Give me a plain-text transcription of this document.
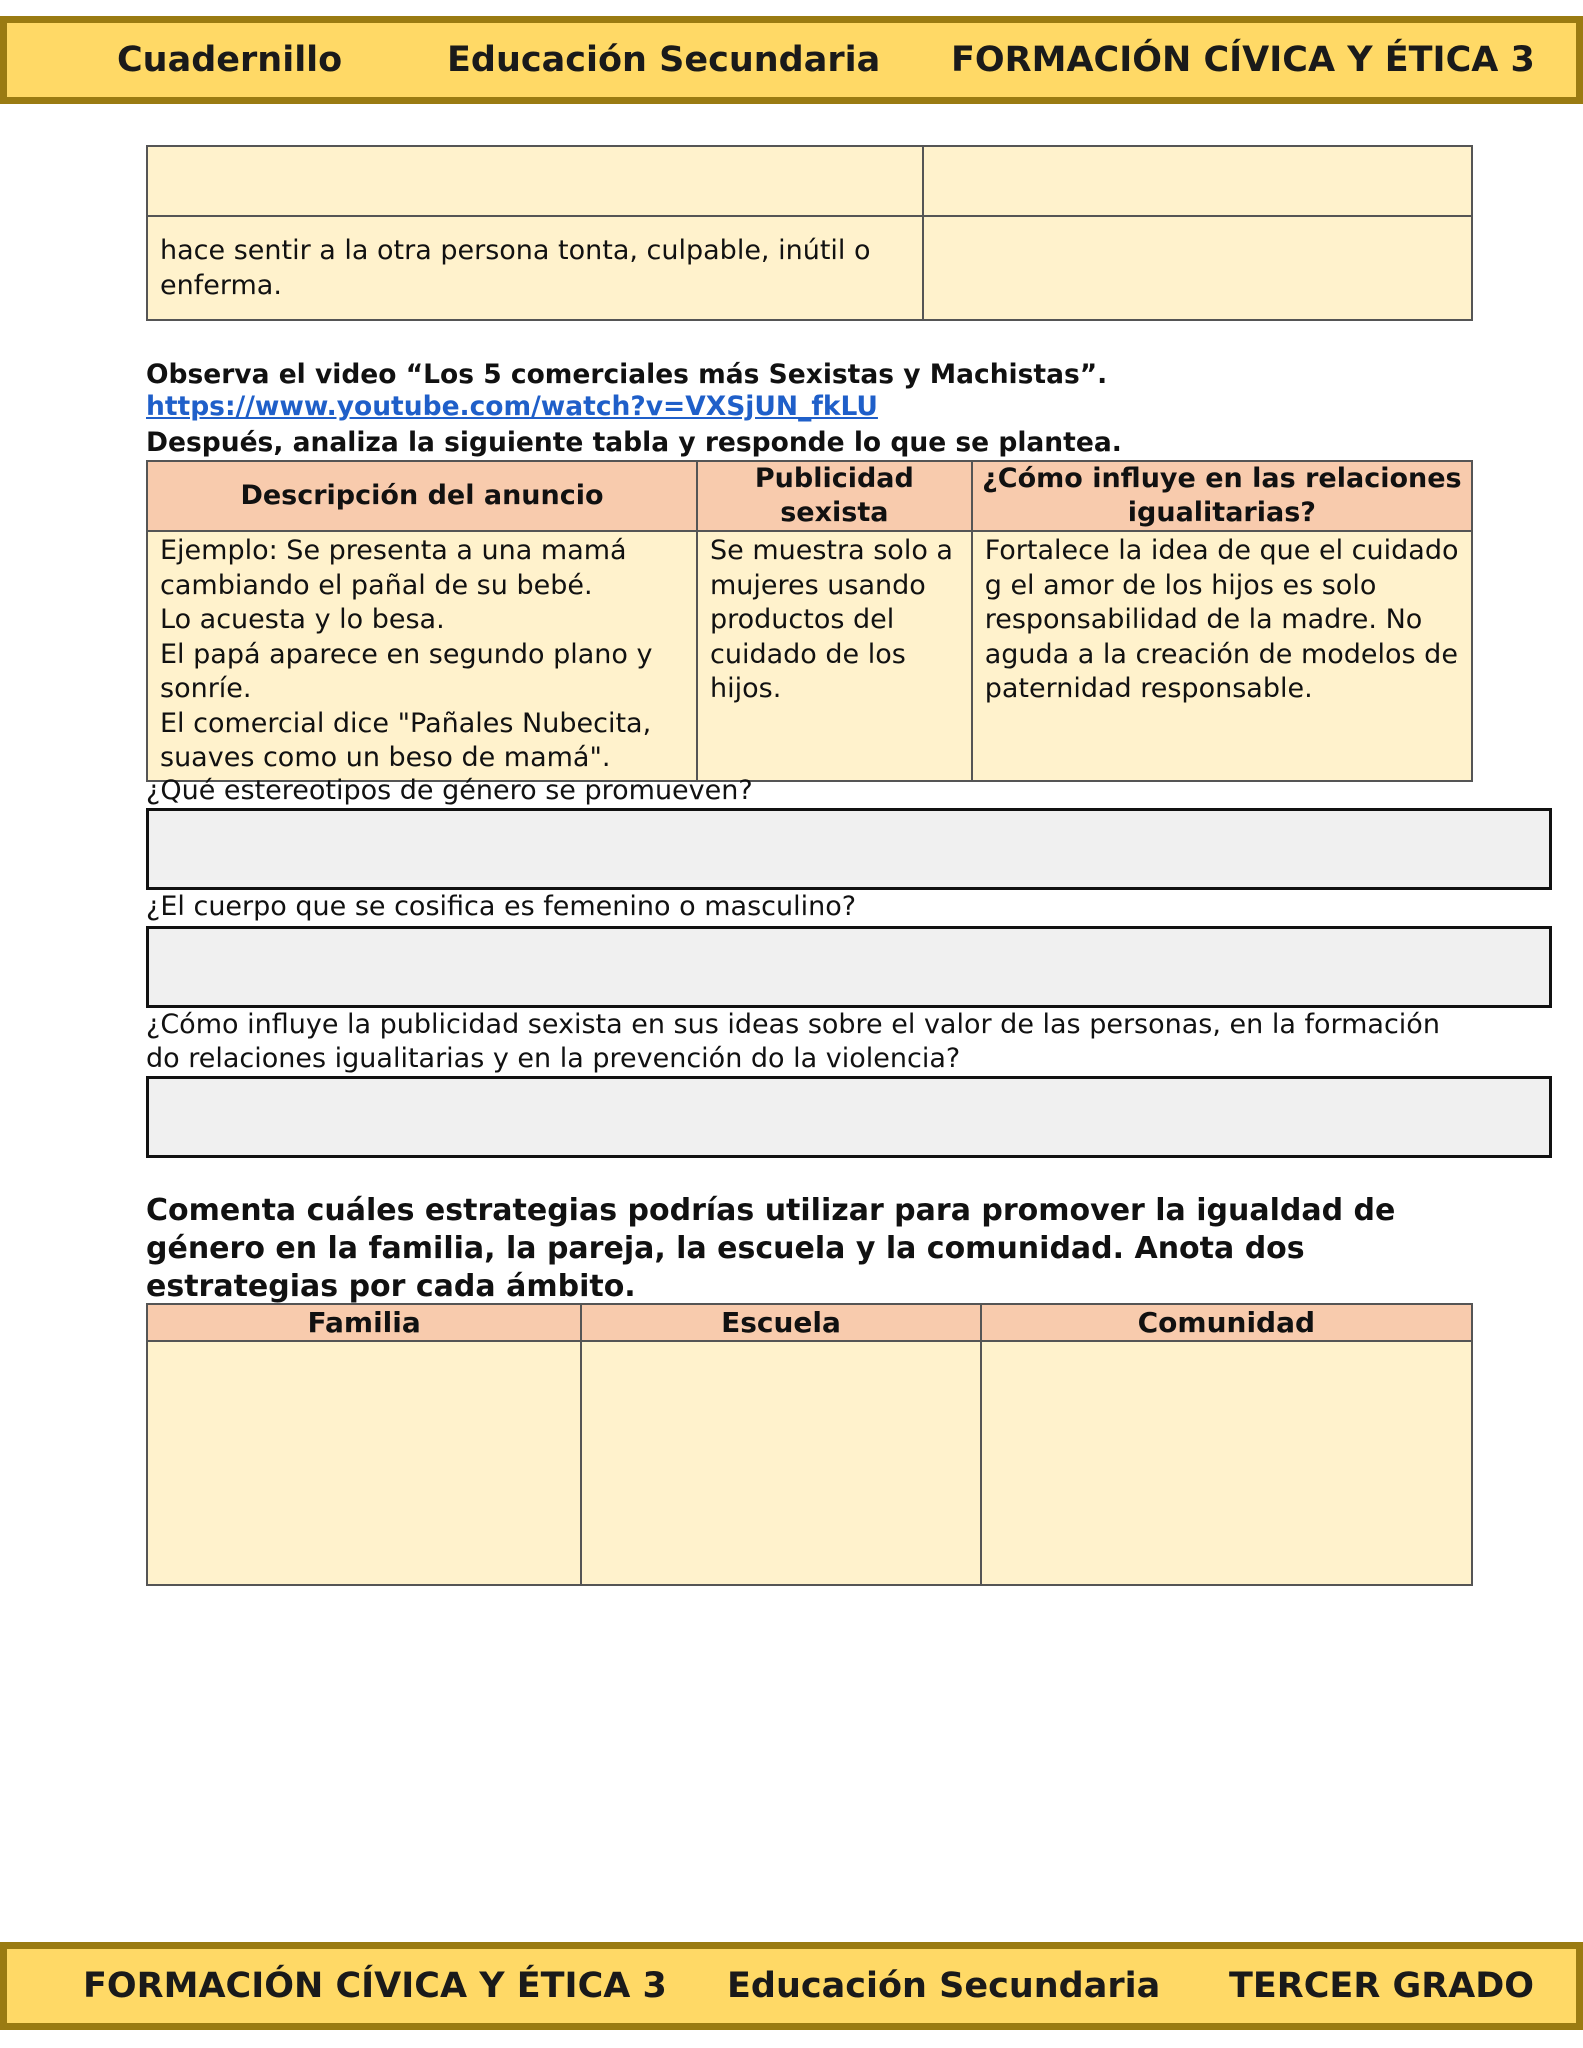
Cuadernillo	Educación Secundaria FORMACIÓN CÍVICA Y ÉTICA 3

hace sentir a la otra persona tonta, culpable, inútil o enferma.	
Observa el video “Los 5 comerciales más Sexistas y Machistas”.
https://www.youtube.com/watch?v=VXSjUN_fkLU
Después, analiza la siguiente tabla y responde lo que se plantea.
Descripción del anuncio	Publicidad sexista	¿Cómo influye en las relaciones igualitarias?

Ejemplo: Se presenta a una mamá cambiando el pañal de su bebé.
Lo acuesta y lo besa.
El papá aparece en segundo plano y sonríe.
El comercial dice "Pañales Nubecita, suaves como un beso de mamá".	Se muestra solo a mujeres usando productos del cuidado de los hijos.	Fortalece la idea de que el cuidado g el amor de los hijos es solo responsabilidad de la madre. No aguda a la creación de modelos de paternidad responsable.
¿Qué estereotipos de género se promueven?
¿El cuerpo que se cosifica es femenino o masculino?
¿Cómo influye la publicidad sexista en sus ideas sobre el valor de las personas, en la formación do relaciones igualitarias y en la prevención do la violencia?
Comenta cuáles estrategias podrías utilizar para promover la igualdad de género en la familia, la pareja, la escuela y la comunidad. Anota dos estrategias por cada ámbito.
Familia	Escuela	Comunidad

FORMACIÓN CÍVICA Y ÉTICA 3 Educación Secundaria TERCER GRADO
